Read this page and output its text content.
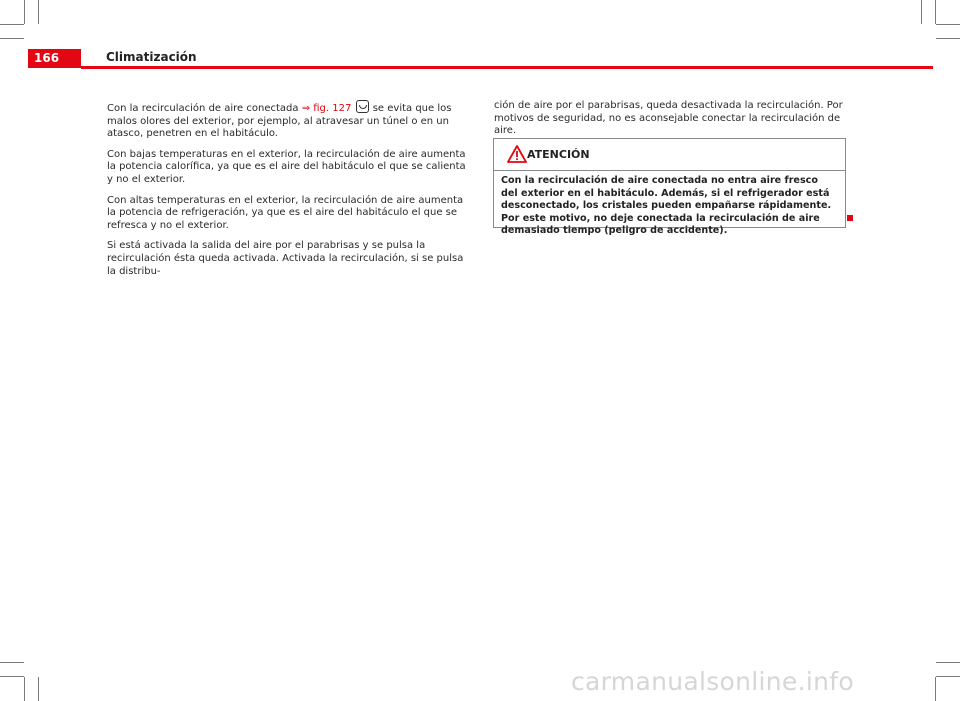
166	Climatización

Con la recirculación de aire conectada ⇒ fig. 127  se evita que los malos olores del exterior, por ejemplo, al atravesar un túnel o en un atasco, penetren en el habitáculo.

Con bajas temperaturas en el exterior, la recirculación de aire aumenta la potencia calorífica, ya que es el aire del habitáculo el que se calienta y no el exterior.

Con altas temperaturas en el exterior, la recirculación de aire aumenta la potencia de refrigeración, ya que es el aire del habitáculo el que se refresca y no el exterior.

Si está activada la salida del aire por el parabrisas y se pulsa la recirculación ésta queda activada. Activada la recirculación, si se pulsa la distribu-

ción de aire por el parabrisas, queda desactivada la recirculación. Por motivos de seguridad, no es aconsejable conectar la recirculación de aire.

ATENCIÓN
Con la recirculación de aire conectada no entra aire fresco del exterior en el habitáculo. Además, si el refrigerador está desconectado, los cristales pueden empañarse rápidamente. Por este motivo, no deje conectada la recirculación de aire demasiado tiempo (peligro de accidente).
carmanualsonline.info
